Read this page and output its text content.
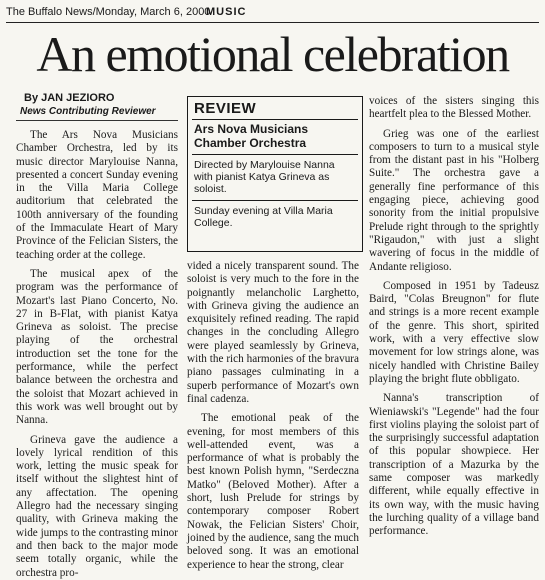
The Buffalo News/Monday, March 6, 2000
MUSIC
An emotional celebration
By JAN JEZIORO
News Contributing Reviewer

The Ars Nova Musicians Chamber Orchestra, led by its music director Marylouise Nanna, presented a concert Sunday evening in the Villa Maria College auditorium that celebrated the 100th anniversary of the founding of the Immaculate Heart of Mary Province of the Felician Sisters, the teaching order at the college.

The musical apex of the program was the performance of Mozart's last Piano Concerto, No. 27 in B-Flat, with pianist Katya Grineva as soloist. The precise playing of the orchestral introduction set the tone for the performance, while the perfect balance between the orchestra and the soloist that Mozart achieved in this work was well brought out by Nanna.

Grineva gave the audience a lovely lyrical rendition of this work, letting the music speak for itself without the slightest hint of any affectation. The opening Allegro had the necessary singing quality, with Grineva making the wide jumps to the contrasting minor and then back to the major mode seem totally organic, while the orchestra pro-

REVIEW
Ars Nova Musicians Chamber Orchestra
Directed by Marylouise Nanna with pianist Katya Grineva as soloist.
Sunday evening at Villa Maria College.

vided a nicely transparent sound. The soloist is very much to the fore in the poignantly melancholic Larghetto, with Grineva giving the audience an exquisitely refined reading. The rapid changes in the concluding Allegro were played seamlessly by Grineva, with the rich harmonies of the bravura piano passages culminating in a superb performance of Mozart's own final cadenza.

The emotional peak of the evening, for most members of this well-attended event, was a performance of what is probably the best known Polish hymn, "Serdeczna Matko" (Beloved Mother). After a short, lush Prelude for strings by contemporary composer Robert Nowak, the Felician Sisters' Choir, joined by the audience, sang the much beloved song. It was an emotional experience to hear the strong, clear

voices of the sisters singing this heartfelt plea to the Blessed Mother.

Grieg was one of the earliest composers to turn to a musical style from the distant past in his "Holberg Suite." The orchestra gave a generally fine performance of this engaging piece, achieving good sonority from the initial propulsive Prelude right through to the sprightly "Rigaudon," with just a slight wavering of focus in the middle of Andante religioso.

Composed in 1951 by Tadeusz Baird, "Colas Breugnon" for flute and strings is a more recent example of the genre. This short, spirited work, with a very effective slow movement for low strings alone, was nicely handled with Christine Bailey playing the bright flute obbligato.

Nanna's transcription of Wieniawski's "Legende" had the four first violins playing the soloist part of the surprisingly successful adaptation of this popular showpiece. Her transcription of a Mazurka by the same composer was markedly different, while equally effective in its own way, with the music having the lurching quality of a village band performance.
